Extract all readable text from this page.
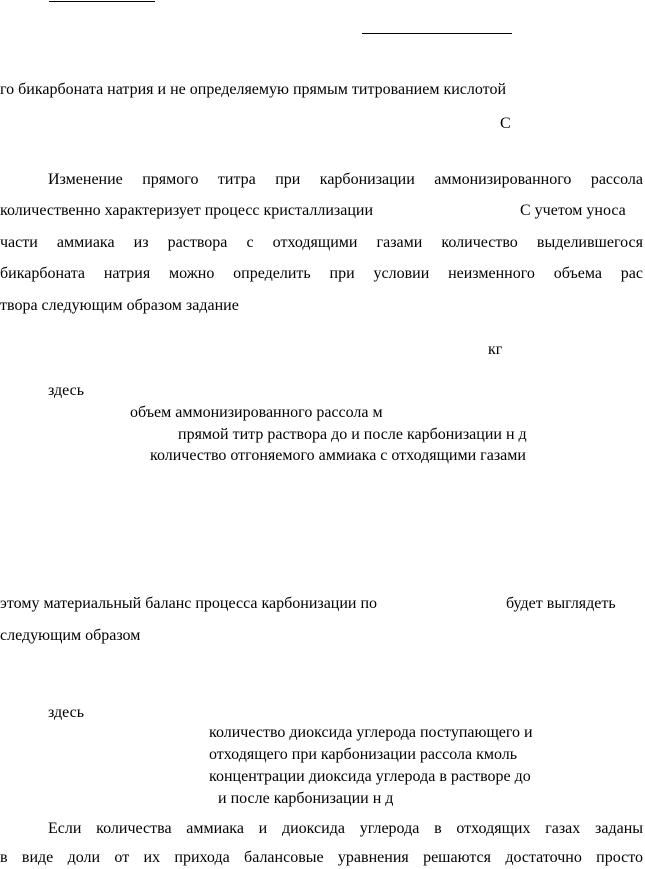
го бикарбоната натрия и не определяемую прямым титрованием кислотой
С
Изменение прямого титра при карбонизации аммонизированного рассола
количественно характеризует процесс кристаллизации	С учетом уноса
части аммиака из раствора с отходящими газами количество выделившегося
бикарбоната натрия можно определить при условии неизменного объема рас
твора следующим образом задание
кг
здесь
объем аммонизированного рассола м
прямой титр раствора до и после карбонизации н д
количество отгоняемого аммиака с отходящими газами
этому материальный баланс процесса карбонизации по	будет выглядеть
следующим образом
здесь
количество диоксида углерода поступающего и
отходящего при карбонизации рассола кмоль
концентрации диоксида углерода в растворе до
и после карбонизации н д
Если количества аммиака и диоксида углерода в отходящих газах заданы
в виде доли от их прихода балансовые уравнения решаются достаточно просто
